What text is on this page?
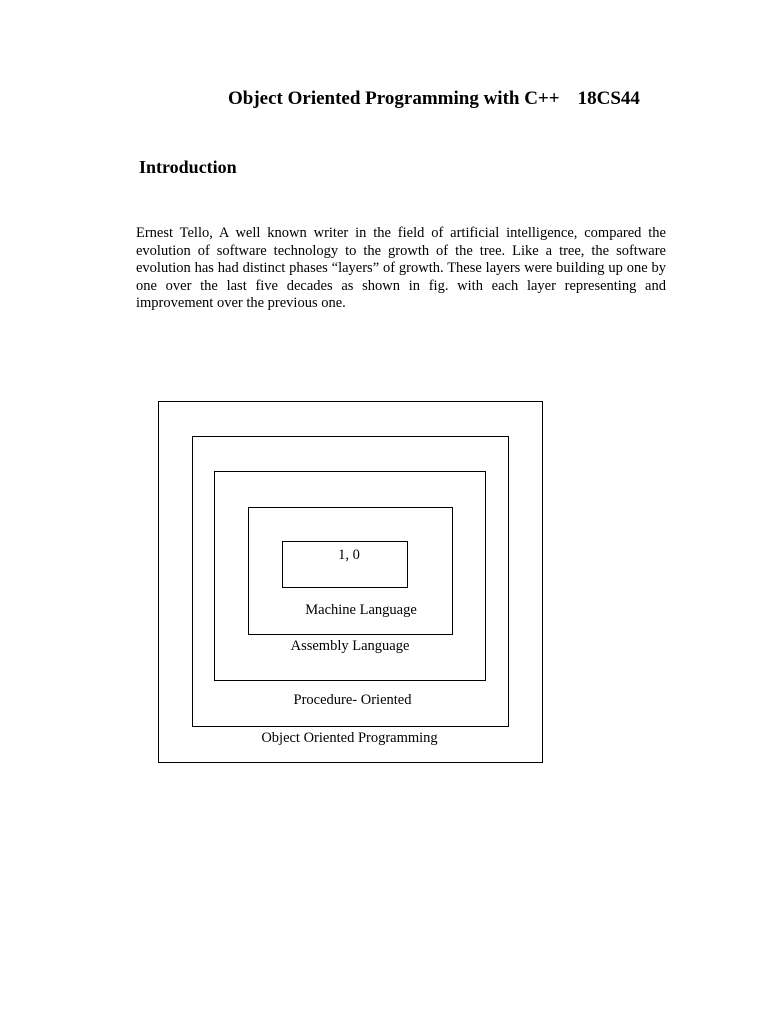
Object Oriented Programming with C++ 18CS44
Introduction

Ernest Tello, A well known writer in the field of artificial intelligence, compared the evolution of software technology to the growth of the tree. Like a tree, the software evolution has had distinct phases “layers” of growth. These layers were building up one by one over the last five decades as shown in fig. with each layer representing and improvement over the previous one.

1, 0
Machine Language
Assembly Language
Procedure- Oriented
Object Oriented Programming
